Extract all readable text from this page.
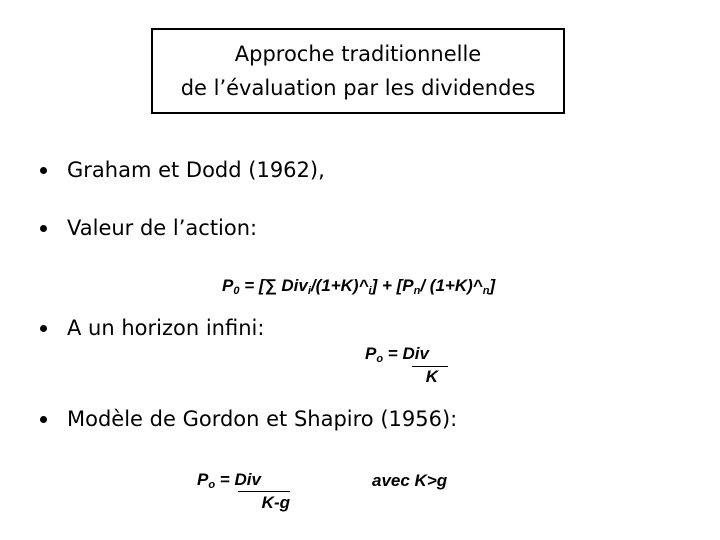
Approche traditionnelle
de l’évaluation par les dividendes
Graham et Dodd (1962),
Valeur de l’action:
P0 = [∑ Divi/(1+K)^i] + [Pn/ (1+K)^n]
A un horizon infini:
Po = Div
K
Modèle de Gordon et Shapiro (1956):
Po = Div
K-g
avec K>g
